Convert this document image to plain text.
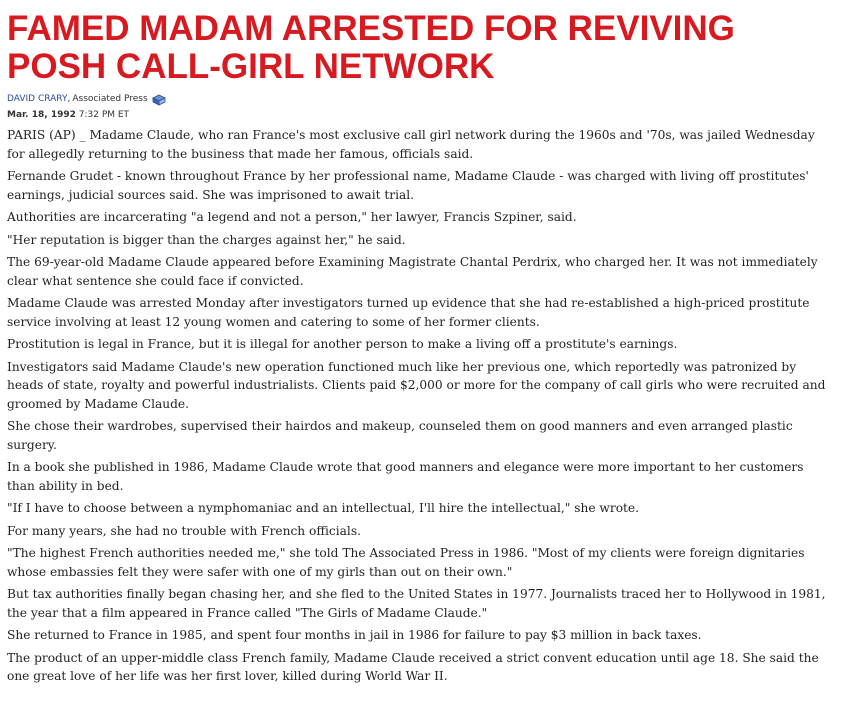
FAMED MADAM ARRESTED FOR REVIVING POSH CALL-GIRL NETWORK
DAVID CRARY , Associated Press
Mar. 18, 1992 7:32 PM ET

PARIS (AP) _ Madame Claude, who ran France's most exclusive call girl network during the 1960s and '70s, was jailed Wednesday for allegedly returning to the business that made her famous, officials said.

Fernande Grudet - known throughout France by her professional name, Madame Claude - was charged with living off prostitutes' earnings, judicial sources said. She was imprisoned to await trial.

Authorities are incarcerating "a legend and not a person," her lawyer, Francis Szpiner, said.

"Her reputation is bigger than the charges against her," he said.

The 69-year-old Madame Claude appeared before Examining Magistrate Chantal Perdrix, who charged her. It was not immediately clear what sentence she could face if convicted.

Madame Claude was arrested Monday after investigators turned up evidence that she had re-established a high-priced prostitute service involving at least 12 young women and catering to some of her former clients.

Prostitution is legal in France, but it is illegal for another person to make a living off a prostitute's earnings.

Investigators said Madame Claude's new operation functioned much like her previous one, which reportedly was patronized by heads of state, royalty and powerful industrialists. Clients paid $2,000 or more for the company of call girls who were recruited and groomed by Madame Claude.

She chose their wardrobes, supervised their hairdos and makeup, counseled them on good manners and even arranged plastic surgery.

In a book she published in 1986, Madame Claude wrote that good manners and elegance were more important to her customers than ability in bed.

"If I have to choose between a nymphomaniac and an intellectual, I'll hire the intellectual," she wrote.

For many years, she had no trouble with French officials.

"The highest French authorities needed me," she told The Associated Press in 1986. "Most of my clients were foreign dignitaries whose embassies felt they were safer with one of my girls than out on their own."

But tax authorities finally began chasing her, and she fled to the United States in 1977. Journalists traced her to Hollywood in 1981, the year that a film appeared in France called "The Girls of Madame Claude."

She returned to France in 1985, and spent four months in jail in 1986 for failure to pay $3 million in back taxes.

The product of an upper-middle class French family, Madame Claude received a strict convent education until age 18. She said the one great love of her life was her first lover, killed during World War II.
